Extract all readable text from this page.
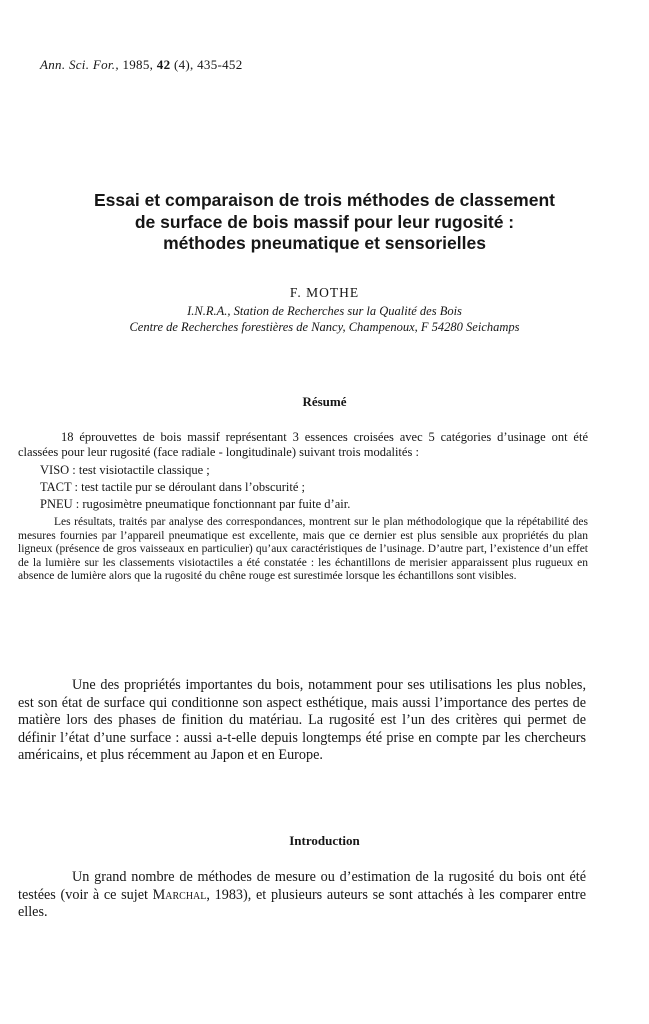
Ann. Sci. For., 1985, 42 (4), 435-452
Essai et comparaison de trois méthodes de classement
de surface de bois massif pour leur rugosité :
méthodes pneumatique et sensorielles
F. MOTHE
I.N.R.A., Station de Recherches sur la Qualité des Bois
Centre de Recherches forestières de Nancy, Champenoux, F 54280 Seichamps
Résumé

18 éprouvettes de bois massif représentant 3 essences croisées avec 5 catégories d’usinage ont été classées pour leur rugosité (face radiale - longitudinale) suivant trois modalités :

VISO : test visiotactile classique ;
TACT : test tactile pur se déroulant dans l’obscurité ;
PNEU : rugosimètre pneumatique fonctionnant par fuite d’air.

Les résultats, traités par analyse des correspondances, montrent sur le plan méthodologique que la répétabilité des mesures fournies par l’appareil pneumatique est excellente, mais que ce dernier est plus sensible aux propriétés du plan ligneux (présence de gros vaisseaux en particulier) qu’aux caractéristiques de l’usinage. D’autre part, l’existence d’un effet de la lumière sur les classements visiotactiles a été constatée : les échantillons de merisier apparaissent plus rugueux en absence de lumière alors que la rugosité du chêne rouge est surestimée lorsque les échantillons sont visibles.

Une des propriétés importantes du bois, notamment pour ses utilisations les plus nobles, est son état de surface qui conditionne son aspect esthétique, mais aussi l’importance des pertes de matière lors des phases de finition du matériau. La rugosité est l’un des critères qui permet de définir l’état d’une surface : aussi a-t-elle depuis longtemps été prise en compte par les chercheurs américains, et plus récemment au Japon et en Europe.

Introduction

Un grand nombre de méthodes de mesure ou d’estimation de la rugosité du bois ont été testées (voir à ce sujet Marchal, 1983), et plusieurs auteurs se sont attachés à les comparer entre elles.
